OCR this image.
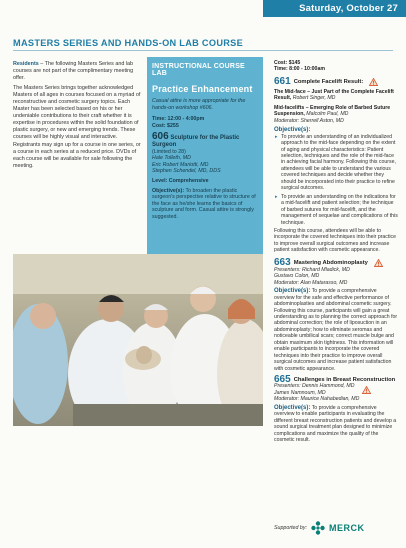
Saturday, October 27
MASTERS SERIES AND HANDS-ON LAB COURSE

Residents – The following Masters Series and lab courses are not part of the complimentary meeting offer.

The Masters Series brings together acknowledged Masters of all ages in courses focused on a myriad of reconstructive and cosmetic surgery topics. Each Master has been selected based on his or her undeniable contributions to their craft whether it is expertise in procedures within the solid foundation of plastic surgery, or new and emerging trends. These courses will be highly visual and interactive. Registrants may sign up for a course in one series, or a course in each series at a reduced price. DVDs of each course will be available for sale following the meeting.

INSTRUCTIONAL COURSE LAB
Practice Enhancement
Casual attire is more appropriate for the hands-on workshop #606.
Time: 12:00 - 4:00pm
Cost: $255
606 Sculpture for the Plastic Surgeon
(Limited to 28)
Hale Tolleth, MD
Eric Robert Mariotti, MD
Stephen Schendel, MD, DDS
Level: Comprehensive
Objective(s): To broaden the plastic surgeon's perspective relative to structure of the face as he/she learns the basics of sculpture and form. Casual attire is strongly suggested.
Cost: $145
Time: 8:00 - 10:00am
661 Complete Facelift Result:
The Mid-face – Just Part of the Complete Facelift Result, Robert Singer, MD
Mid-facelifts – Emerging Role of Barbed Suture Suspension, Malcolm Paul, MD
Moderator: Sherrell Aston, MD
Objective(s):
▸ To provide an understanding of an individualized approach to the mid-face depending on the extent of aging and physical characteristics: Patient selection, techniques and the role of the mid-face in achieving facial harmony. Following this course, attendees will be able to understand the various covered techniques and decide whether they should be incorporated into their practice to refine surgical outcomes.
▸ To provide an understanding on the indications for a mid-facelift and patient selection; the technique of barbed sutures for mid-facelift, and the management of sequelae and complications of this technique.
Following this course, attendees will be able to incorporate the covered techniques into their practice to improve overall surgical outcomes and increase patient satisfaction with cosmetic appearance.
663 Mastering Abdominoplasty
Presenters: Richard Mladick, MD
Gustavo Colon, MD
Moderator: Alan Matarasso, MD
Objective(s): To provide a comprehensive overview for the safe and effective performance of abdominoplasties and abdominal cosmetic surgery. Following this course, participants will gain a great understanding as to planning the correct approach for abdominal correction; the role of liposuction in an abdominoplasty; how to eliminate seromas and noticeable umbilical scars; correct muscle bulge and obtain maximum skin tightness. This information will enable participants to incorporate the covered techniques into their practice to improve overall surgical outcomes and increase patient satisfaction with cosmetic appearance.
665 Challenges in Breast Reconstruction
Presenters: Dennis Hammond, MD
James Namnoum, MD
Moderator: Maurice Nahabedian, MD
Objective(s): To provide a comprehensive overview to enable participants in evaluating the different breast reconstruction patients and develop a sound surgical treatment plan designed to minimize complications and maximize the quality of the cosmetic result.
Supported by: MERCK
